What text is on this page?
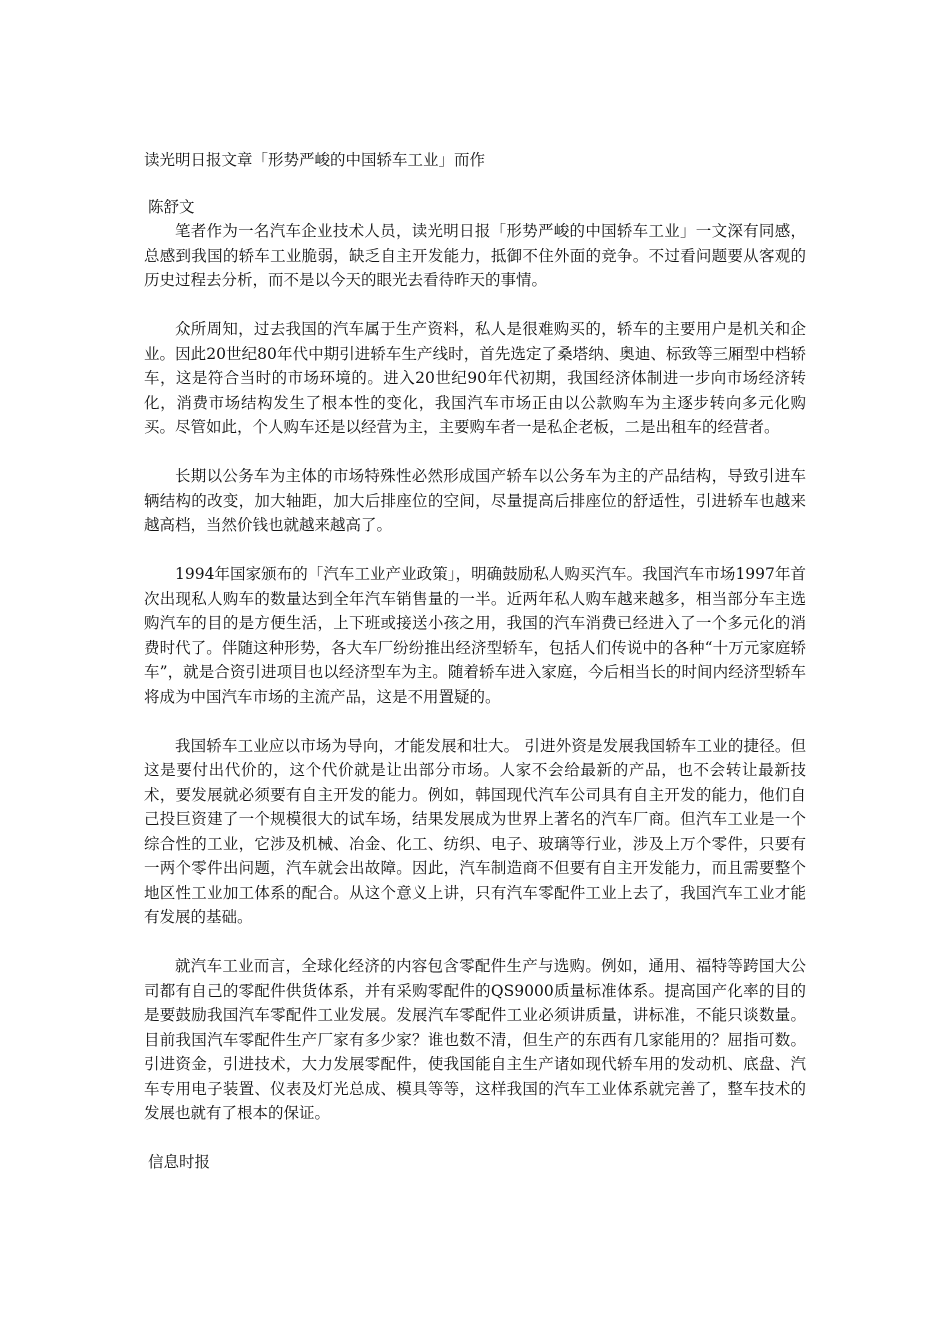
读光明日报文章「形势严峻的中国轿车工业」而作
陈舒文

笔者作为一名汽车企业技术人员，读光明日报「形势严峻的中国轿车工业」一文深有同感，总感到我国的轿车工业脆弱，缺乏自主开发能力，抵御不住外面的竞争。不过看问题要从客观的历史过程去分析，而不是以今天的眼光去看待昨天的事情。

众所周知，过去我国的汽车属于生产资料，私人是很难购买的，轿车的主要用户是机关和企业。因此20世纪80年代中期引进轿车生产线时，首先选定了桑塔纳、奥迪、标致等三厢型中档轿车，这是符合当时的市场环境的。进入20世纪90年代初期，我国经济体制进一步向市场经济转化，消费市场结构发生了根本性的变化，我国汽车市场正由以公款购车为主逐步转向多元化购买。尽管如此，个人购车还是以经营为主，主要购车者一是私企老板，二是出租车的经营者。

长期以公务车为主体的市场特殊性必然形成国产轿车以公务车为主的产品结构，导致引进车辆结构的改变，加大轴距，加大后排座位的空间，尽量提高后排座位的舒适性，引进轿车也越来越高档，当然价钱也就越来越高了。

1994年国家颁布的「汽车工业产业政策」，明确鼓励私人购买汽车。我国汽车市场1997年首次出现私人购车的数量达到全年汽车销售量的一半。近两年私人购车越来越多，相当部分车主选购汽车的目的是方便生活，上下班或接送小孩之用，我国的汽车消费已经进入了一个多元化的消费时代了。伴随这种形势，各大车厂纷纷推出经济型轿车，包括人们传说中的各种“十万元家庭轿车”，就是合资引进项目也以经济型车为主。随着轿车进入家庭，今后相当长的时间内经济型轿车将成为中国汽车市场的主流产品，这是不用置疑的。

我国轿车工业应以市场为导向，才能发展和壮大。 引进外资是发展我国轿车工业的捷径。但这是要付出代价的，这个代价就是让出部分市场。人家不会给最新的产品，也不会转让最新技术，要发展就必须要有自主开发的能力。例如，韩国现代汽车公司具有自主开发的能力，他们自己投巨资建了一个规模很大的试车场，结果发展成为世界上著名的汽车厂商。但汽车工业是一个综合性的工业，它涉及机械、冶金、化工、纺织、电子、玻璃等行业，涉及上万个零件，只要有一两个零件出问题，汽车就会出故障。因此，汽车制造商不但要有自主开发能力，而且需要整个地区性工业加工体系的配合。从这个意义上讲，只有汽车零配件工业上去了，我国汽车工业才能有发展的基础。

就汽车工业而言，全球化经济的内容包含零配件生产与选购。例如，通用、福特等跨国大公司都有自己的零配件供货体系，并有采购零配件的QS9000质量标准体系。提高国产化率的目的是要鼓励我国汽车零配件工业发展。发展汽车零配件工业必须讲质量，讲标准，不能只谈数量。目前我国汽车零配件生产厂家有多少家？谁也数不清，但生产的东西有几家能用的？屈指可数。引进资金，引进技术，大力发展零配件，使我国能自主生产诸如现代轿车用的发动机、底盘、汽车专用电子装置、仪表及灯光总成、模具等等，这样我国的汽车工业体系就完善了，整车技术的发展也就有了根本的保证。

信息时报
